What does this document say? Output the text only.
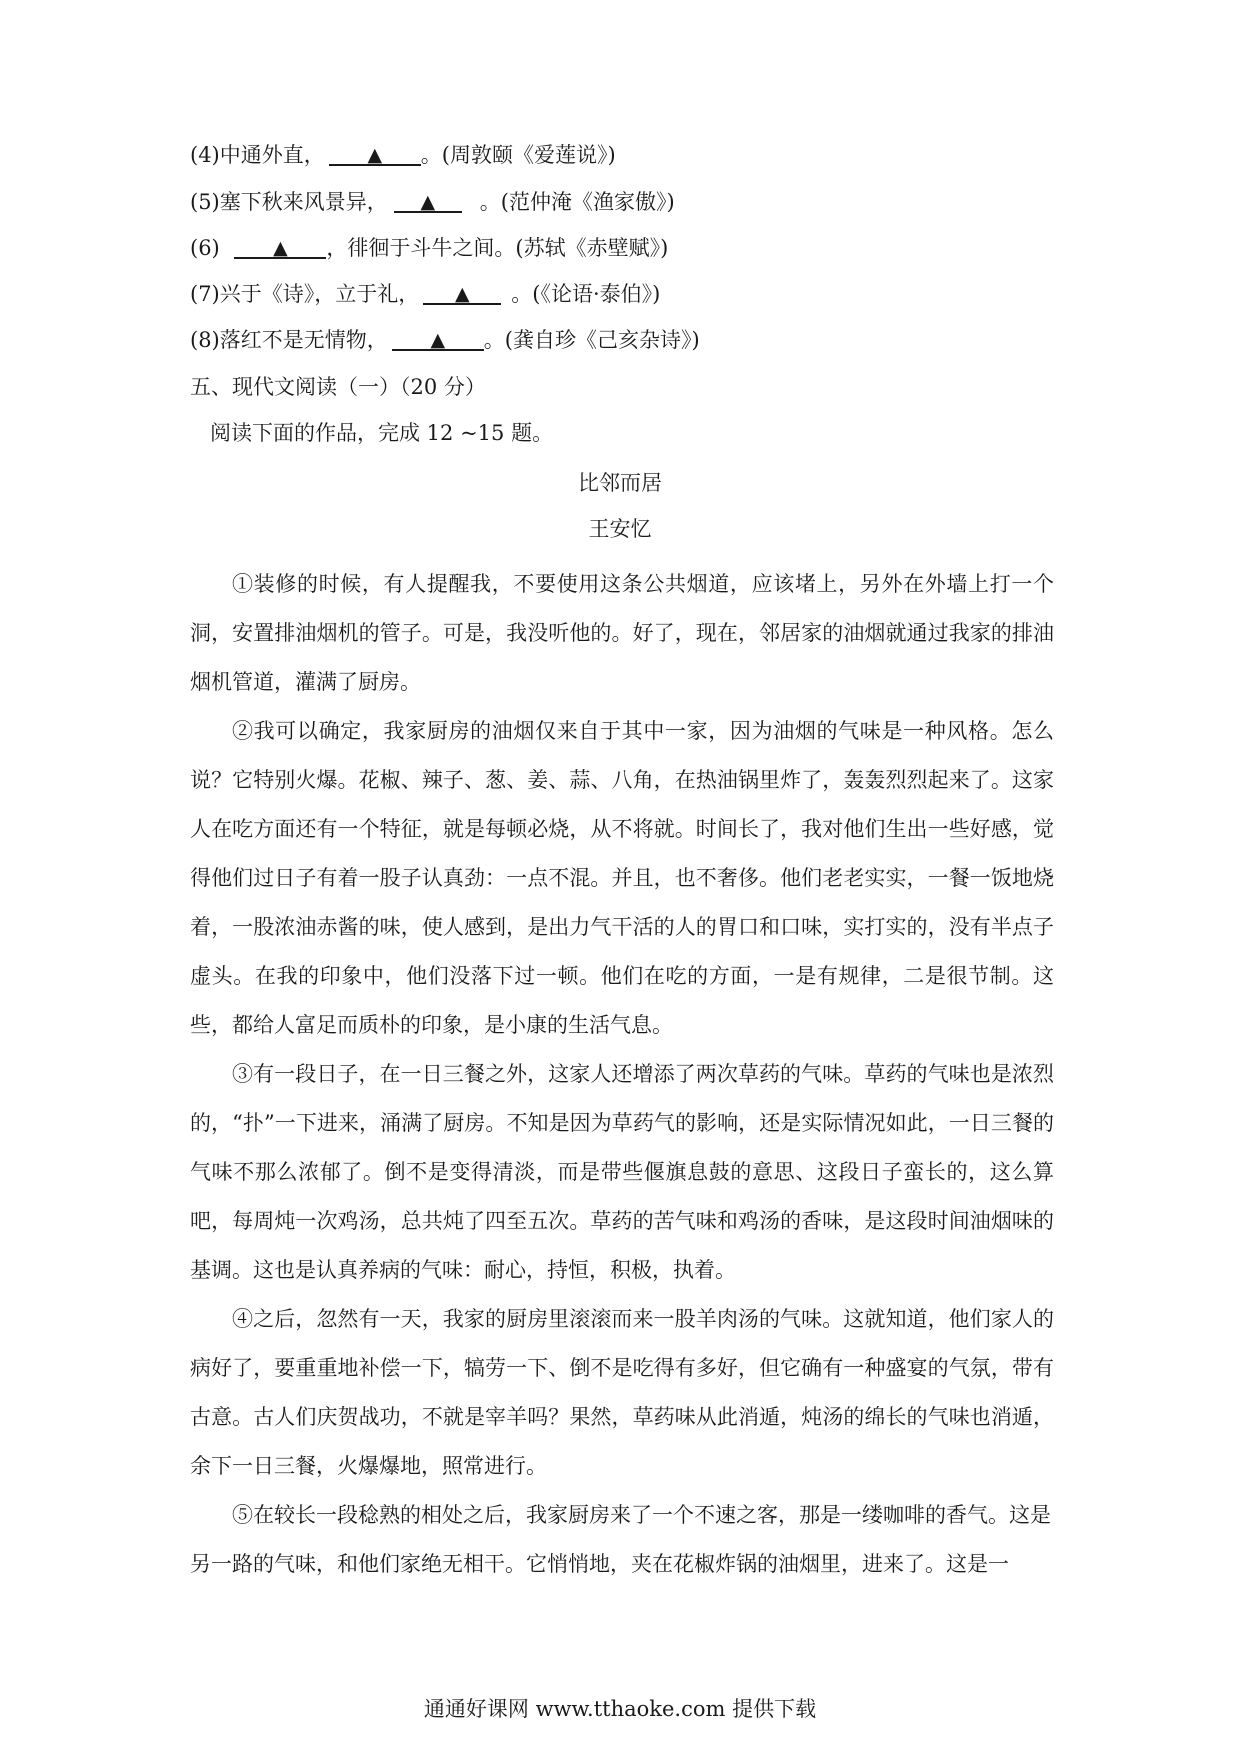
(4)中通外直， ▲ 。(周敦颐《爱莲说》)
(5)塞下秋来风景异， ▲ 。(范仲淹《渔家傲》)
(6) ▲ ，徘徊于斗牛之间。(苏轼《赤壁赋》)
(7)兴于《诗》，立于礼， ▲ 。(《论语·泰伯》)
(8)落红不是无情物， ▲ 。(龚自珍《己亥杂诗》)
五、现代文阅读（一）（20 分）
阅读下面的作品，完成 12 ~15 题。
比邻而居
王安忆

①装修的时候，有人提醒我，不要使用这条公共烟道，应该堵上，另外在外墙上打一个洞，安置排油烟机的管子。可是，我没听他的。好了，现在，邻居家的油烟就通过我家的排油烟机管道，灌满了厨房。

②我可以确定，我家厨房的油烟仅来自于其中一家，因为油烟的气味是一种风格。怎么说？它特别火爆。花椒、辣子、葱、姜、蒜、八角，在热油锅里炸了，轰轰烈烈起来了。这家人在吃方面还有一个特征，就是每顿必烧，从不将就。时间长了，我对他们生出一些好感，觉得他们过日子有着一股子认真劲：一点不混。并且，也不奢侈。他们老老实实，一餐一饭地烧着，一股浓油赤酱的味，使人感到，是出力气干活的人的胃口和口味，实打实的，没有半点子虚头。在我的印象中，他们没落下过一顿。他们在吃的方面，一是有规律，二是很节制。这些，都给人富足而质朴的印象，是小康的生活气息。

③有一段日子，在一日三餐之外，这家人还增添了两次草药的气味。草药的气味也是浓烈的，“扑”一下进来，涌满了厨房。不知是因为草药气的影响，还是实际情况如此，一日三餐的气味不那么浓郁了。倒不是变得清淡，而是带些偃旗息鼓的意思、这段日子蛮长的，这么算吧，每周炖一次鸡汤，总共炖了四至五次。草药的苦气味和鸡汤的香味，是这段时间油烟味的基调。这也是认真养病的气味：耐心，持恒，积极，执着。

④之后，忽然有一天，我家的厨房里滚滚而来一股羊肉汤的气味。这就知道，他们家人的病好了，要重重地补偿一下，犒劳一下、倒不是吃得有多好，但它确有一种盛宴的气氛，带有古意。古人们庆贺战功，不就是宰羊吗？果然，草药味从此消遁，炖汤的绵长的气味也消遁，余下一日三餐，火爆爆地，照常进行。

⑤在较长一段稔熟的相处之后，我家厨房来了一个不速之客，那是一缕咖啡的香气。这是另一路的气味，和他们家绝无相干。它悄悄地，夹在花椒炸锅的油烟里，进来了。这是一

通通好课网 www.tthaoke.com 提供下载
